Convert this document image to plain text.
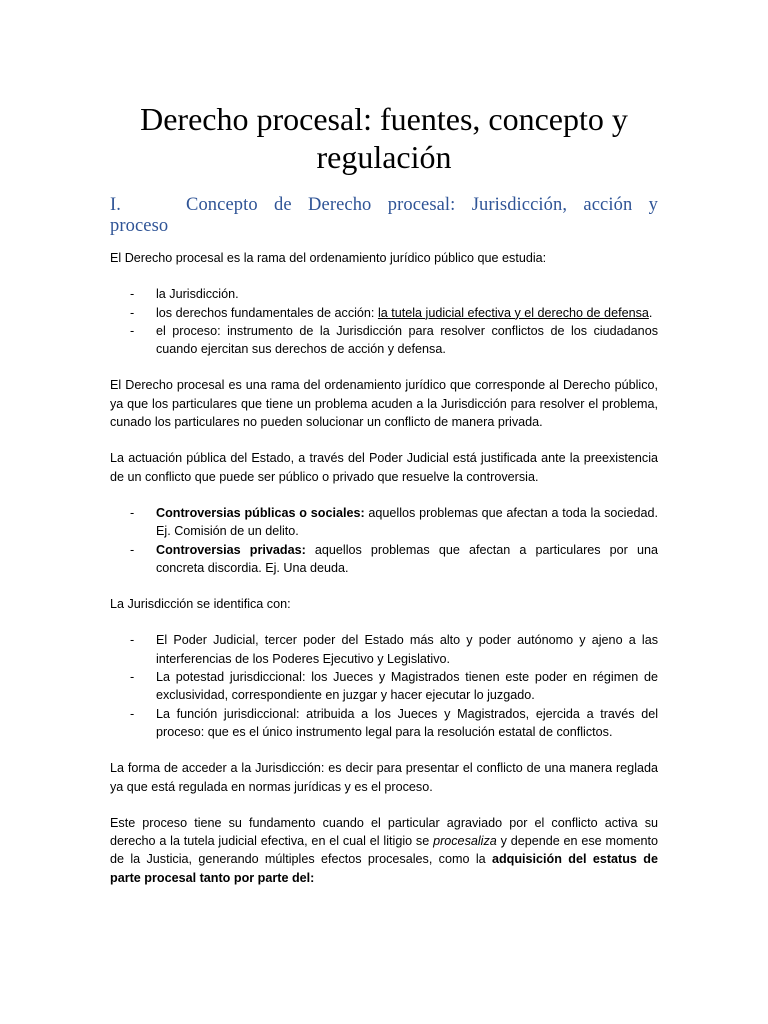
Derecho procesal: fuentes, concepto y regulación
I.	Concepto de Derecho procesal: Jurisdicción, acción y
proceso

El Derecho procesal es la rama del ordenamiento jurídico público que estudia:

- la Jurisdicción.
- los derechos fundamentales de acción: la tutela judicial efectiva y el derecho de defensa.
- el proceso: instrumento de la Jurisdicción para resolver conflictos de los ciudadanos cuando ejercitan sus derechos de acción y defensa.

El Derecho procesal es una rama del ordenamiento jurídico que corresponde al Derecho público, ya que los particulares que tiene un problema acuden a la Jurisdicción para resolver el problema, cunado los particulares no pueden solucionar un conflicto de manera privada.

La actuación pública del Estado, a través del Poder Judicial está justificada ante la preexistencia de un conflicto que puede ser público o privado que resuelve la controversia.

- Controversias públicas o sociales: aquellos problemas que afectan a toda la sociedad. Ej. Comisión de un delito.
- Controversias privadas: aquellos problemas que afectan a particulares por una concreta discordia. Ej. Una deuda.

La Jurisdicción se identifica con:

- El Poder Judicial, tercer poder del Estado más alto y poder autónomo y ajeno a las interferencias de los Poderes Ejecutivo y Legislativo.
- La potestad jurisdiccional: los Jueces y Magistrados tienen este poder en régimen de exclusividad, correspondiente en juzgar y hacer ejecutar lo juzgado.
- La función jurisdiccional: atribuida a los Jueces y Magistrados, ejercida a través del proceso: que es el único instrumento legal para la resolución estatal de conflictos.

La forma de acceder a la Jurisdicción: es decir para presentar el conflicto de una manera reglada ya que está regulada en normas jurídicas y es el proceso.

Este proceso tiene su fundamento cuando el particular agraviado por el conflicto activa su derecho a la tutela judicial efectiva, en el cual el litigio se procesaliza y depende en ese momento de la Justicia, generando múltiples efectos procesales, como la adquisición del estatus de parte procesal tanto por parte del:
